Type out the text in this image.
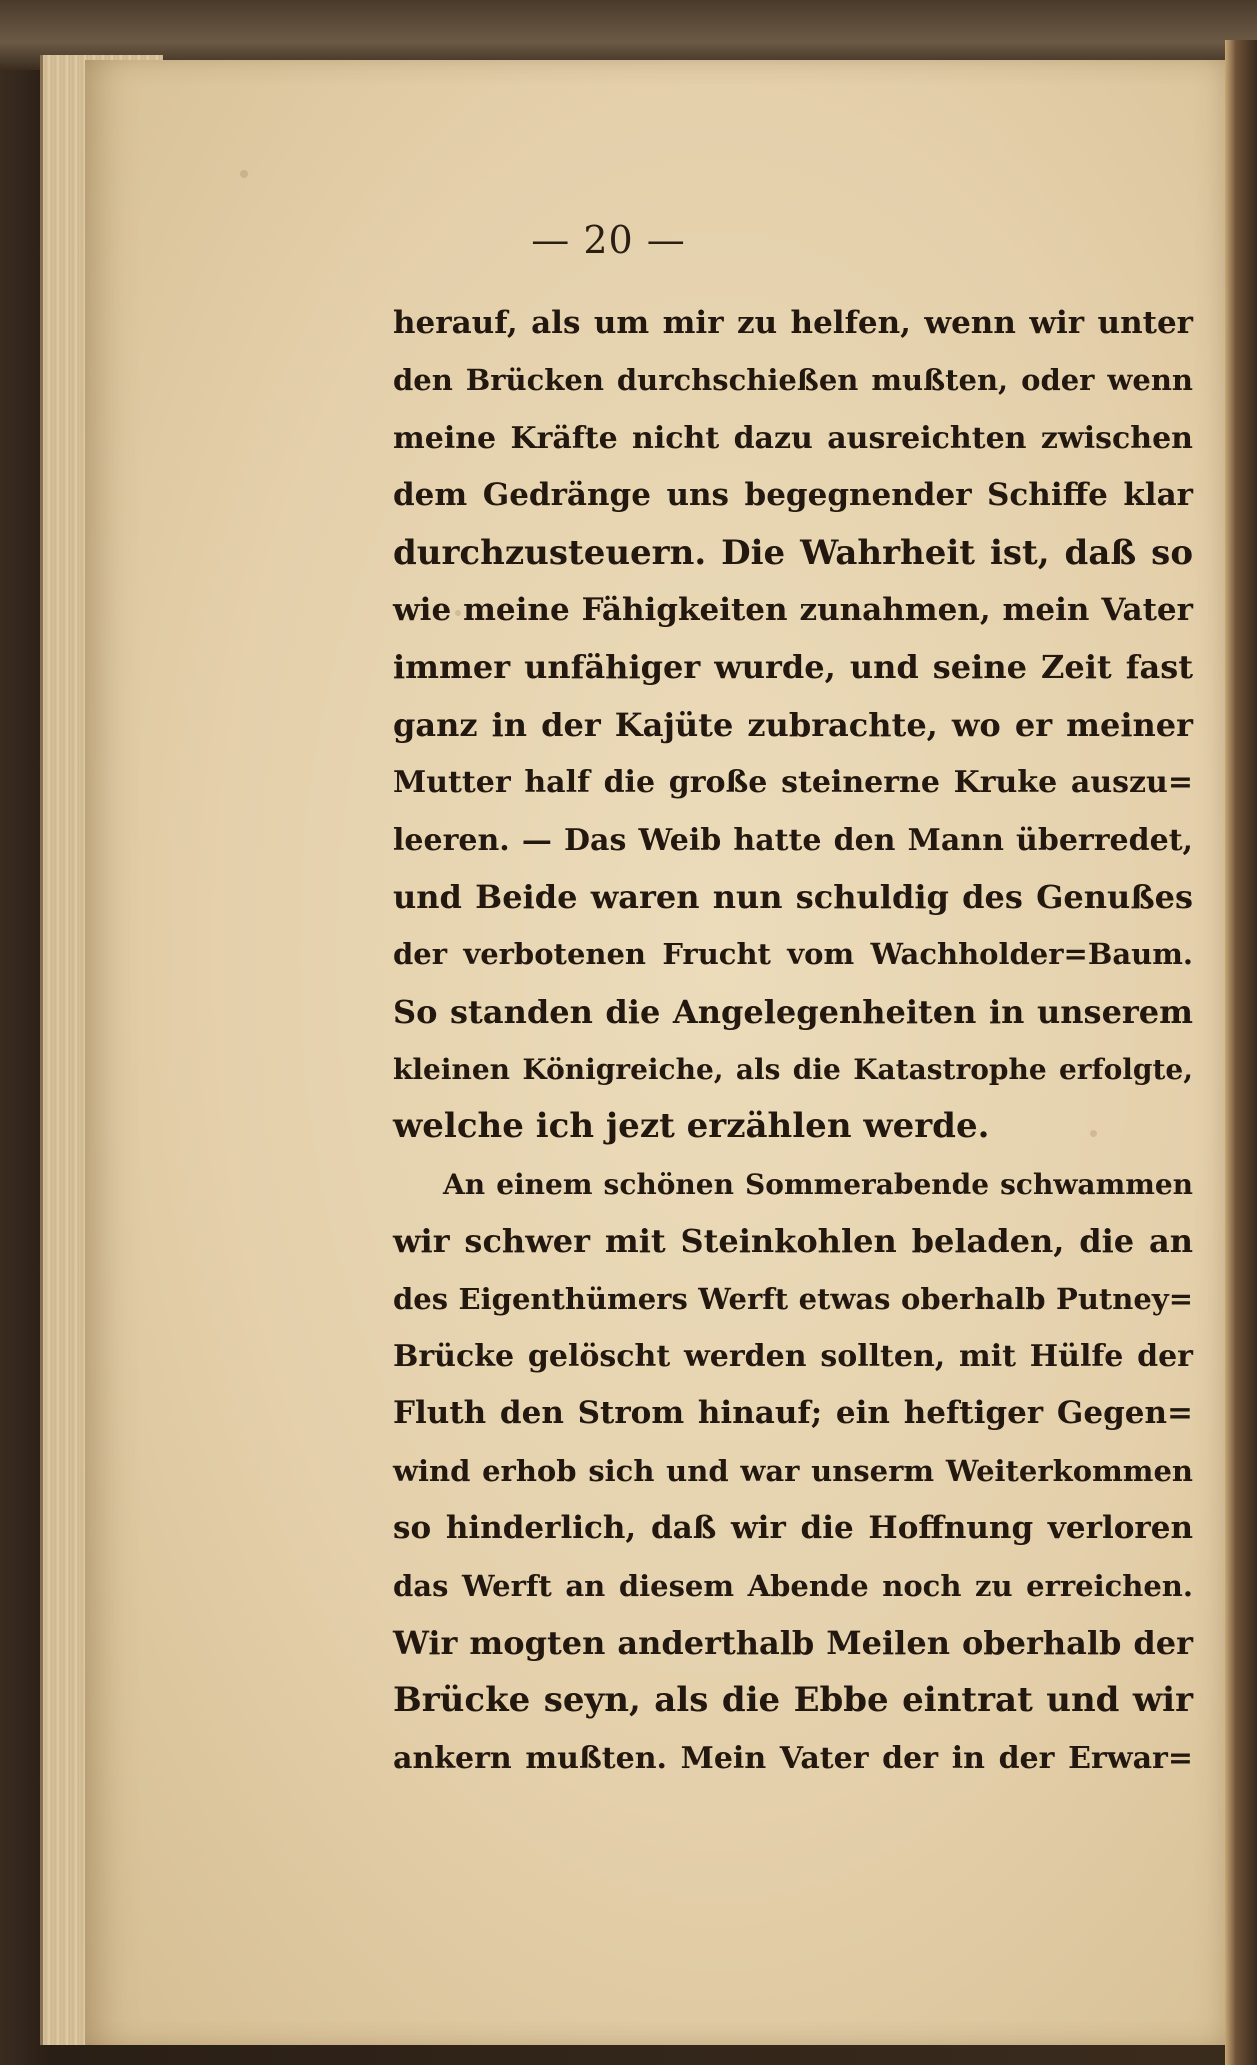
— 20 —
herauf, als um mir zu helfen, wenn wir unter
den Brücken durchschießen mußten, oder wenn
meine Kräfte nicht dazu ausreichten zwischen
dem Gedränge uns begegnender Schiffe klar
durchzusteuern. Die Wahrheit ist, daß so
wie meine Fähigkeiten zunahmen, mein Vater
immer unfähiger wurde, und seine Zeit fast
ganz in der Kajüte zubrachte, wo er meiner
Mutter half die große steinerne Kruke auszu=
leeren. — Das Weib hatte den Mann überredet,
und Beide waren nun schuldig des Genußes
der verbotenen Frucht vom Wachholder=Baum.
So standen die Angelegenheiten in unserem
kleinen Königreiche, als die Katastrophe erfolgte,
welche ich jezt erzählen werde.
An einem schönen Sommerabende schwammen
wir schwer mit Steinkohlen beladen, die an
des Eigenthümers Werft etwas oberhalb Putney=
Brücke gelöscht werden sollten, mit Hülfe der
Fluth den Strom hinauf; ein heftiger Gegen=
wind erhob sich und war unserm Weiterkommen
so hinderlich, daß wir die Hoffnung verloren
das Werft an diesem Abende noch zu erreichen.
Wir mogten anderthalb Meilen oberhalb der
Brücke seyn, als die Ebbe eintrat und wir
ankern mußten. Mein Vater der in der Erwar=
